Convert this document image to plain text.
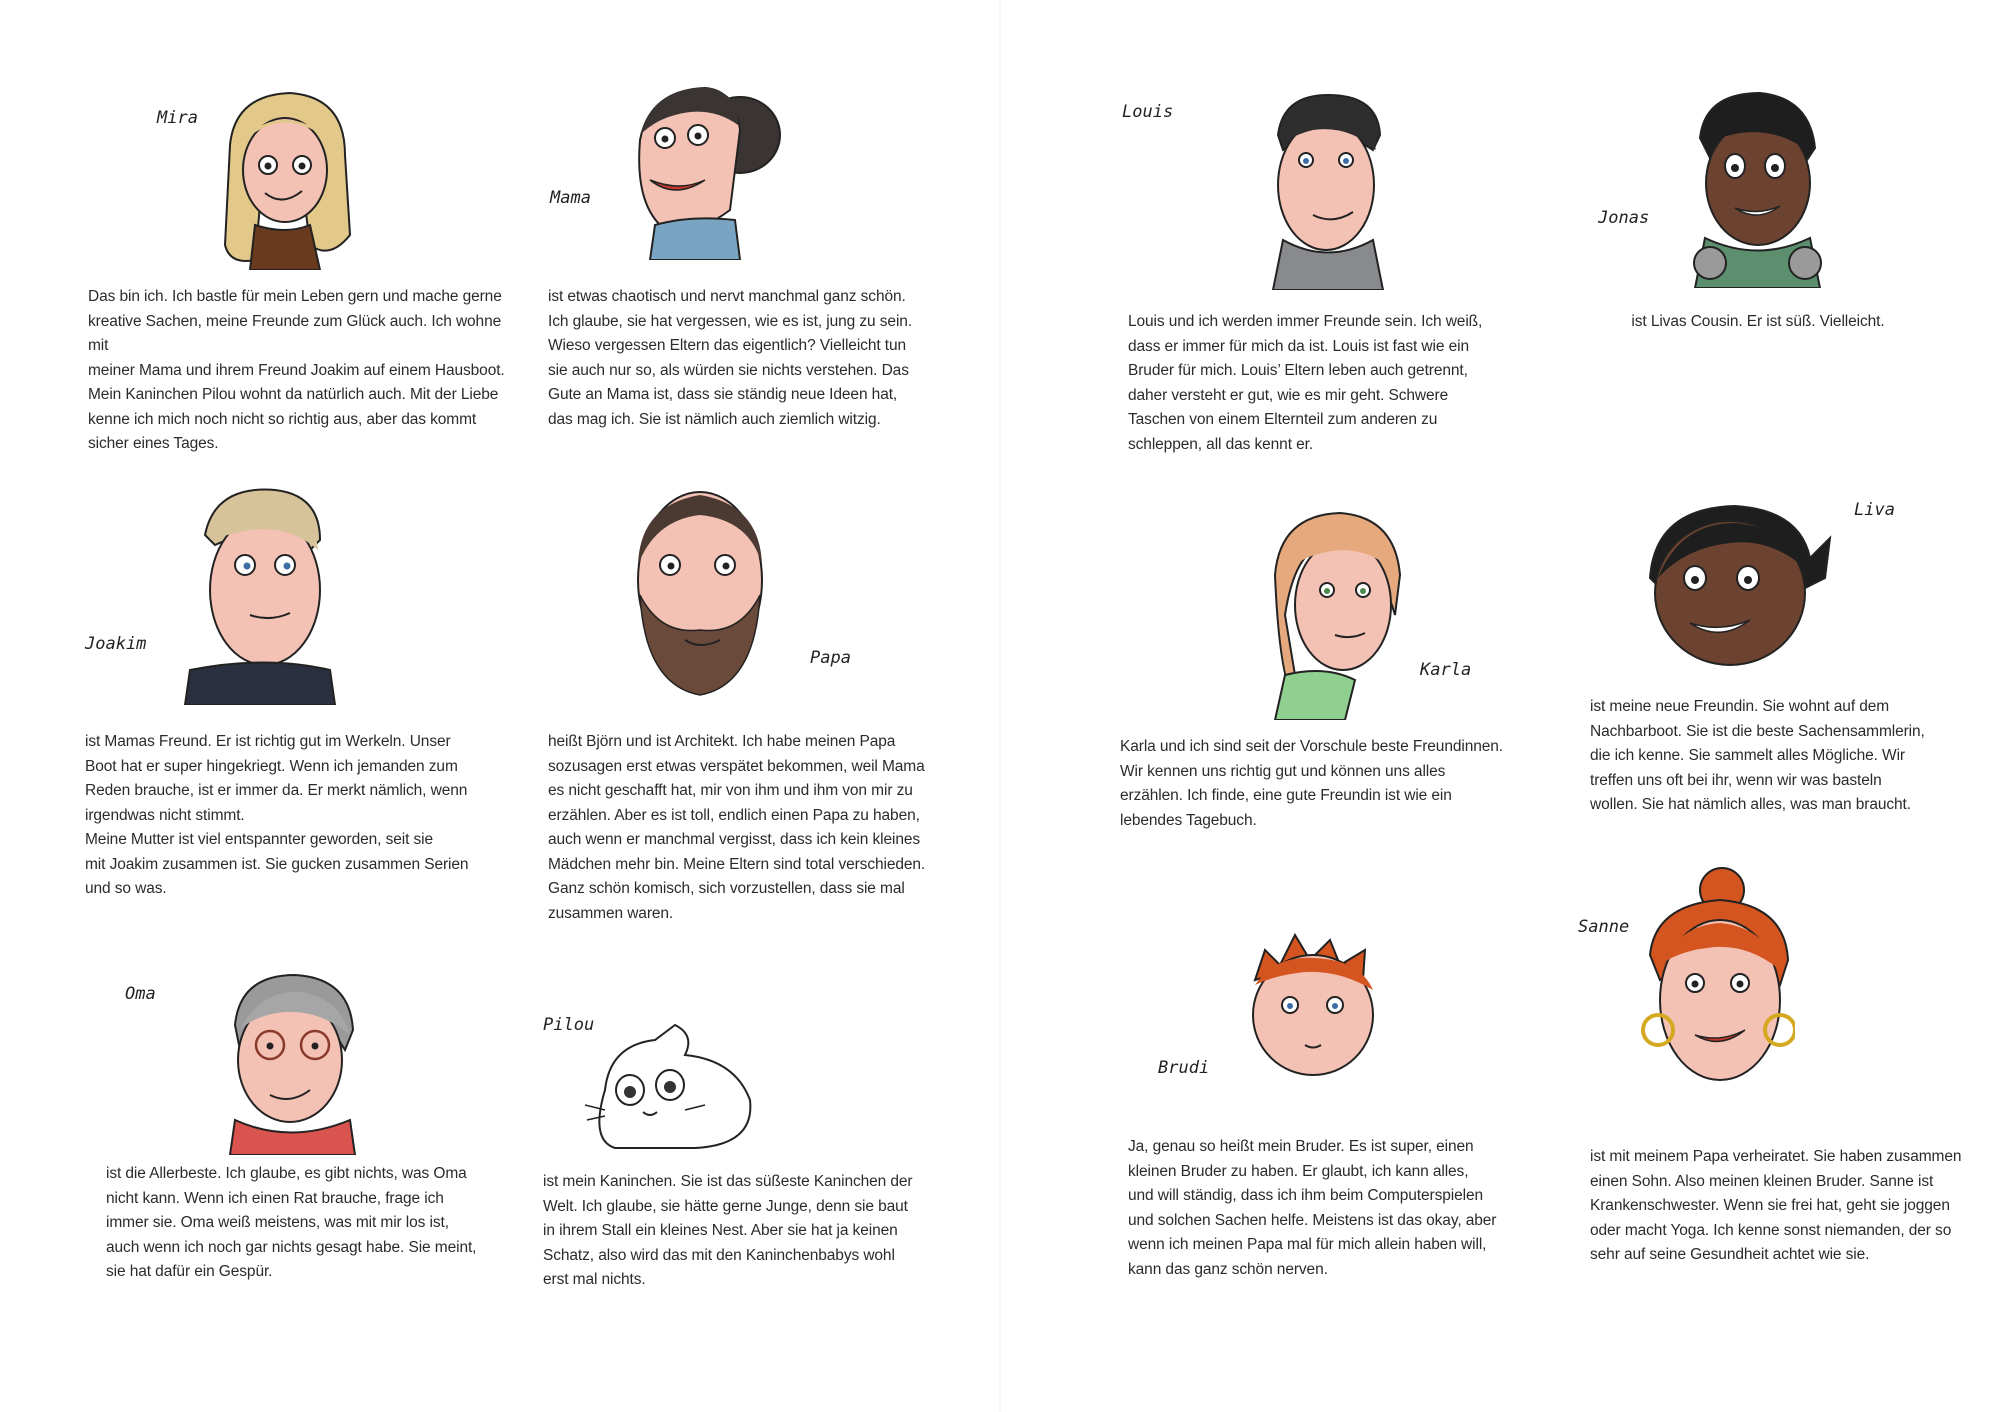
Mira
Das bin ich. Ich bastle für mein Leben gern und mache gerne
kreative Sachen, meine Freunde zum Glück auch. Ich wohne mit
meiner Mama und ihrem Freund Joakim auf einem Hausboot.
Mein Kaninchen Pilou wohnt da natürlich auch. Mit der Liebe
kenne ich mich noch nicht so richtig aus, aber das kommt
sicher eines Tages.
Mama
ist etwas chaotisch und nervt manchmal ganz schön.
Ich glaube, sie hat vergessen, wie es ist, jung zu sein.
Wieso vergessen Eltern das eigentlich? Vielleicht tun
sie auch nur so, als würden sie nichts verstehen. Das
Gute an Mama ist, dass sie ständig neue Ideen hat,
das mag ich. Sie ist nämlich auch ziemlich witzig.
Louis
Louis und ich werden immer Freunde sein. Ich weiß,
dass er immer für mich da ist. Louis ist fast wie ein
Bruder für mich. Louis’ Eltern leben auch getrennt,
daher versteht er gut, wie es mir geht. Schwere
Taschen von einem Elternteil zum anderen zu
schleppen, all das kennt er.
Jonas
ist Livas Cousin. Er ist süß. Vielleicht.
Joakim
ist Mamas Freund. Er ist richtig gut im Werkeln. Unser
Boot hat er super hingekriegt. Wenn ich jemanden zum
Reden brauche, ist er immer da. Er merkt nämlich, wenn
irgendwas nicht stimmt.
Meine Mutter ist viel entspannter geworden, seit sie
mit Joakim zusammen ist. Sie gucken zusammen Serien
und so was.
Papa
heißt Björn und ist Architekt. Ich habe meinen Papa
sozusagen erst etwas verspätet bekommen, weil Mama
es nicht geschafft hat, mir von ihm und ihm von mir zu
erzählen. Aber es ist toll, endlich einen Papa zu haben,
auch wenn er manchmal vergisst, dass ich kein kleines
Mädchen mehr bin. Meine Eltern sind total verschieden.
Ganz schön komisch, sich vorzustellen, dass sie mal
zusammen waren.
Karla
Karla und ich sind seit der Vorschule beste Freundinnen.
Wir kennen uns richtig gut und können uns alles
erzählen. Ich finde, eine gute Freundin ist wie ein
lebendes Tagebuch.
Liva
ist meine neue Freundin. Sie wohnt auf dem
Nachbarboot. Sie ist die beste Sachensammlerin,
die ich kenne. Sie sammelt alles Mögliche. Wir
treffen uns oft bei ihr, wenn wir was basteln
wollen. Sie hat nämlich alles, was man braucht.
Oma
ist die Allerbeste. Ich glaube, es gibt nichts, was Oma
nicht kann. Wenn ich einen Rat brauche, frage ich
immer sie. Oma weiß meistens, was mit mir los ist,
auch wenn ich noch gar nichts gesagt habe. Sie meint,
sie hat dafür ein Gespür.
Pilou
ist mein Kaninchen. Sie ist das süßeste Kaninchen der
Welt. Ich glaube, sie hätte gerne Junge, denn sie baut
in ihrem Stall ein kleines Nest. Aber sie hat ja keinen
Schatz, also wird das mit den Kaninchenbabys wohl
erst mal nichts.
Brudi
Ja, genau so heißt mein Bruder. Es ist super, einen
kleinen Bruder zu haben. Er glaubt, ich kann alles,
und will ständig, dass ich ihm beim Computerspielen
und solchen Sachen helfe. Meistens ist das okay, aber
wenn ich meinen Papa mal für mich allein haben will,
kann das ganz schön nerven.
Sanne
ist mit meinem Papa verheiratet. Sie haben zusammen
einen Sohn. Also meinen kleinen Bruder. Sanne ist
Krankenschwester. Wenn sie frei hat, geht sie joggen
oder macht Yoga. Ich kenne sonst niemanden, der so
sehr auf seine Gesundheit achtet wie sie.
